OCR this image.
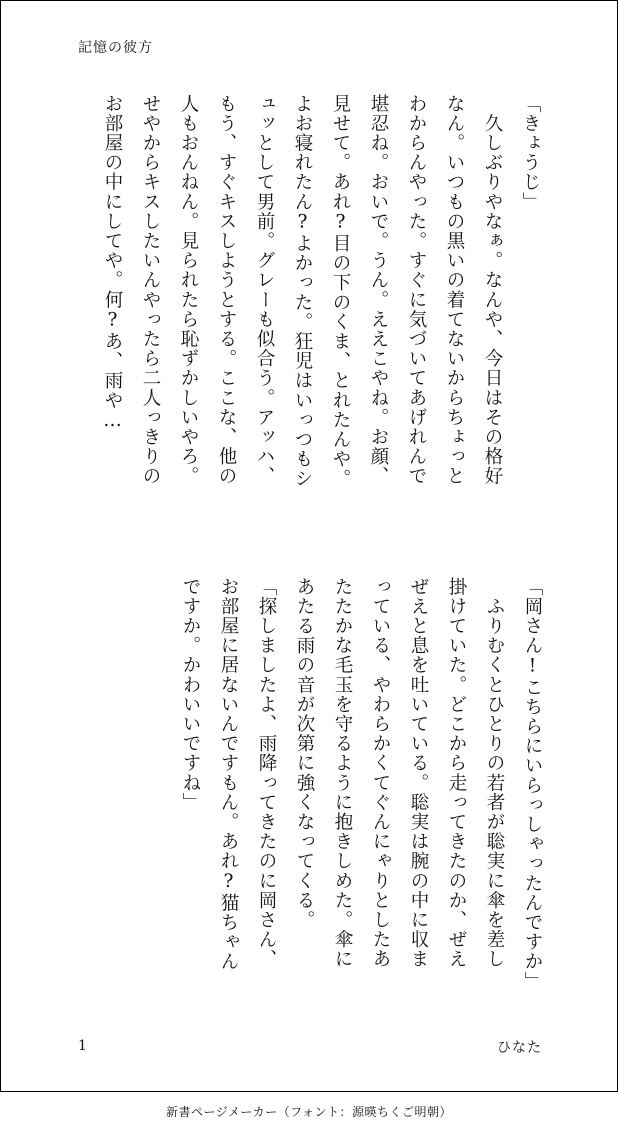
記憶の彼方
「きょうじ」
　久しぶりやなぁ。なんや、今日はその格好
なん。いつもの黒いの着てないからちょっと
わからんやった。すぐに気づいてあげれんで
堪忍ね。おいで。うん。ええこやね。お顔、
見せて。あれ?目の下のくま、とれたんや。
よお寝れたん?よかった。狂児はいっつもシ
ュッとして男前。グレーも似合う。アッハ、
もう、すぐキスしようとする。ここな、他の
人もおんねん。見られたら恥ずかしいやろ。
せやからキスしたいんやったら二人っきりの
お部屋の中にしてや。何?あ、雨や…
「岡さん!こちらにいらっしゃったんですか」
　ふりむくとひとりの若者が聡実に傘を差し
掛けていた。どこから走ってきたのか、ぜえ
ぜえと息を吐いている。聡実は腕の中に収ま
っている、やわらかくてぐんにゃりとしたあ
たたかな毛玉を守るように抱きしめた。傘に
あたる雨の音が次第に強くなってくる。
「探しましたよ、雨降ってきたのに岡さん、
お部屋に居ないんですもん。あれ?猫ちゃん
ですか。かわいいですね」
1	ひなた
新書ページメーカー（フォント：源暎ちくご明朝）
